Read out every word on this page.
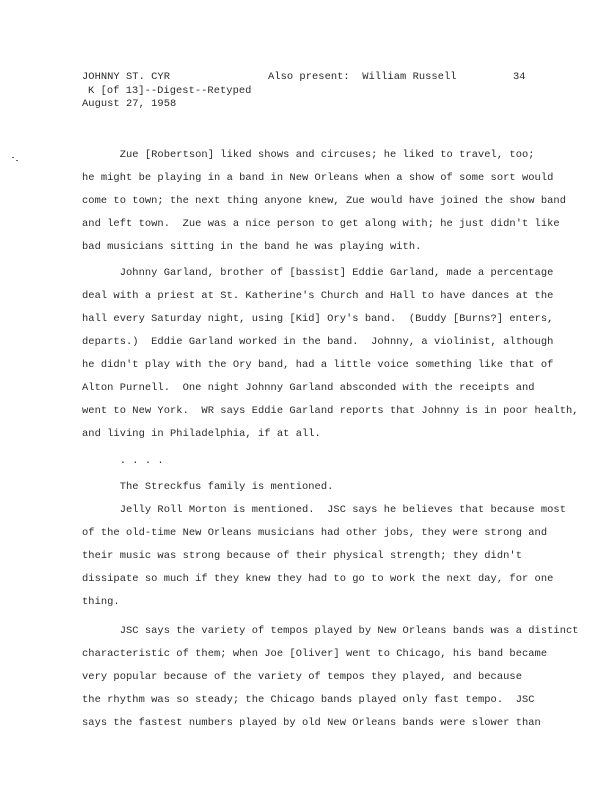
JOHNNY ST. CYR
K [of 13]--Digest--Retyped
August 27, 1958
Also present:  William Russell	34
Zue [Robertson] liked shows and circuses; he liked to travel, too;
he might be playing in a band in New Orleans when a show of some sort would
come to town; the next thing anyone knew, Zue would have joined the show band
and left town.  Zue was a nice person to get along with; he just didn't like
bad musicians sitting in the band he was playing with.
Johnny Garland, brother of [bassist] Eddie Garland, made a percentage
deal with a priest at St. Katherine's Church and Hall to have dances at the
hall every Saturday night, using [Kid] Ory's band.  (Buddy [Burns?] enters,
departs.)  Eddie Garland worked in the band.  Johnny, a violinist, although
he didn't play with the Ory band, had a little voice something like that of
Alton Purnell.  One night Johnny Garland absconded with the receipts and
went to New York.  WR says Eddie Garland reports that Johnny is in poor health,
and living in Philadelphia, if at all.
. . . .
The Streckfus family is mentioned.
Jelly Roll Morton is mentioned.  JSC says he believes that because most
of the old-time New Orleans musicians had other jobs, they were strong and
their music was strong because of their physical strength; they didn't
dissipate so much if they knew they had to go to work the next day, for one
thing.
JSC says the variety of tempos played by New Orleans bands was a distinct
characteristic of them; when Joe [Oliver] went to Chicago, his band became
very popular because of the variety of tempos they played, and because
the rhythm was so steady; the Chicago bands played only fast tempo.  JSC
says the fastest numbers played by old New Orleans bands were slower than
